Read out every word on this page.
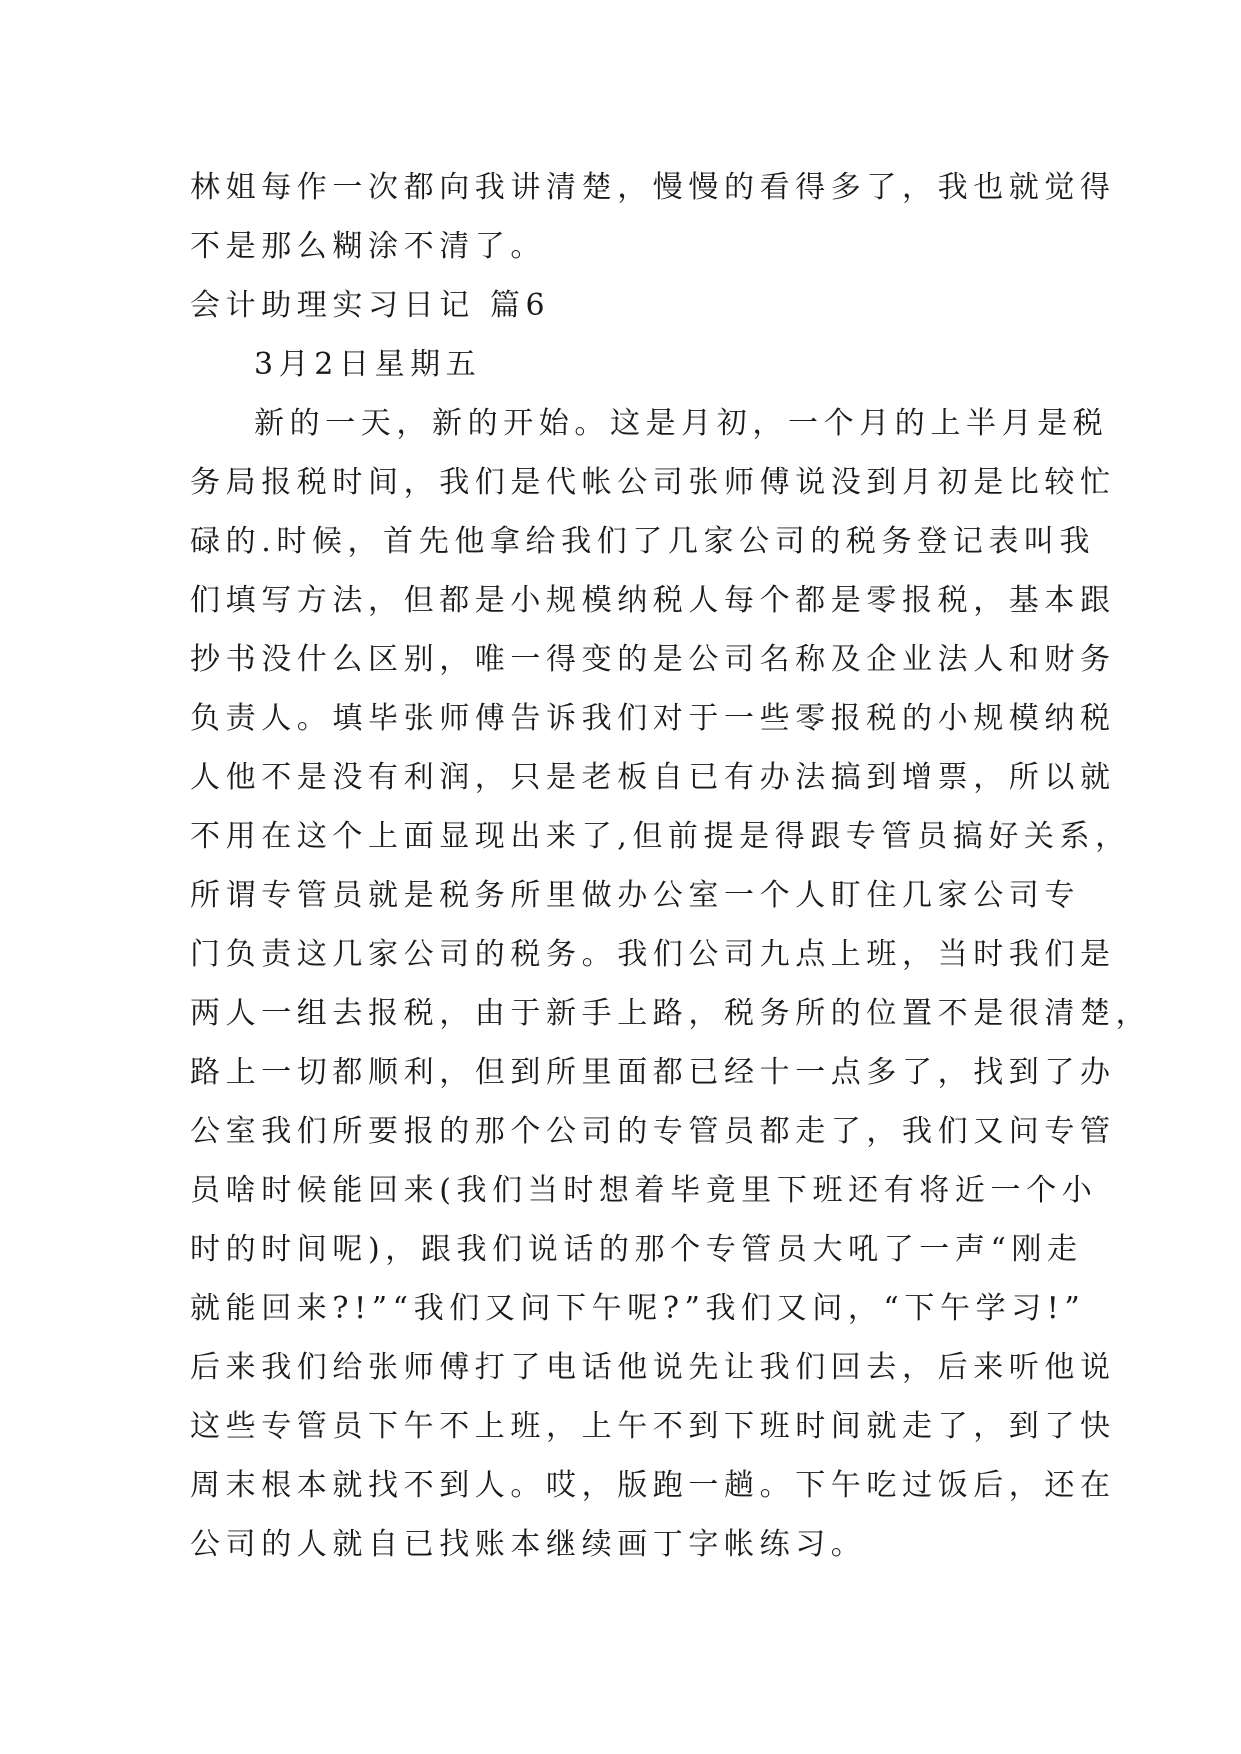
林姐每作一次都向我讲清楚，慢慢的看得多了，我也就觉得
不是那么糊涂不清了。
会计助理实习日记 篇6
3月2日星期五
新的一天，新的开始。这是月初，一个月的上半月是税
务局报税时间，我们是代帐公司张师傅说没到月初是比较忙
碌的.时候，首先他拿给我们了几家公司的税务登记表叫我
们填写方法，但都是小规模纳税人每个都是零报税，基本跟
抄书没什么区别，唯一得变的是公司名称及企业法人和财务
负责人。填毕张师傅告诉我们对于一些零报税的小规模纳税
人他不是没有利润，只是老板自已有办法搞到增票，所以就
不用在这个上面显现出来了,但前提是得跟专管员搞好关系，
所谓专管员就是税务所里做办公室一个人盯住几家公司专
门负责这几家公司的税务。我们公司九点上班，当时我们是
两人一组去报税，由于新手上路，税务所的位置不是很清楚，
路上一切都顺利，但到所里面都已经十一点多了，找到了办
公室我们所要报的那个公司的专管员都走了，我们又问专管
员啥时候能回来(我们当时想着毕竟里下班还有将近一个小
时的时间呢)，跟我们说话的那个专管员大吼了一声“刚走
就能回来?!”“我们又问下午呢?”我们又问，“下午学习!”
后来我们给张师傅打了电话他说先让我们回去，后来听他说
这些专管员下午不上班，上午不到下班时间就走了，到了快
周末根本就找不到人。哎，版跑一趟。下午吃过饭后，还在
公司的人就自已找账本继续画丁字帐练习。
